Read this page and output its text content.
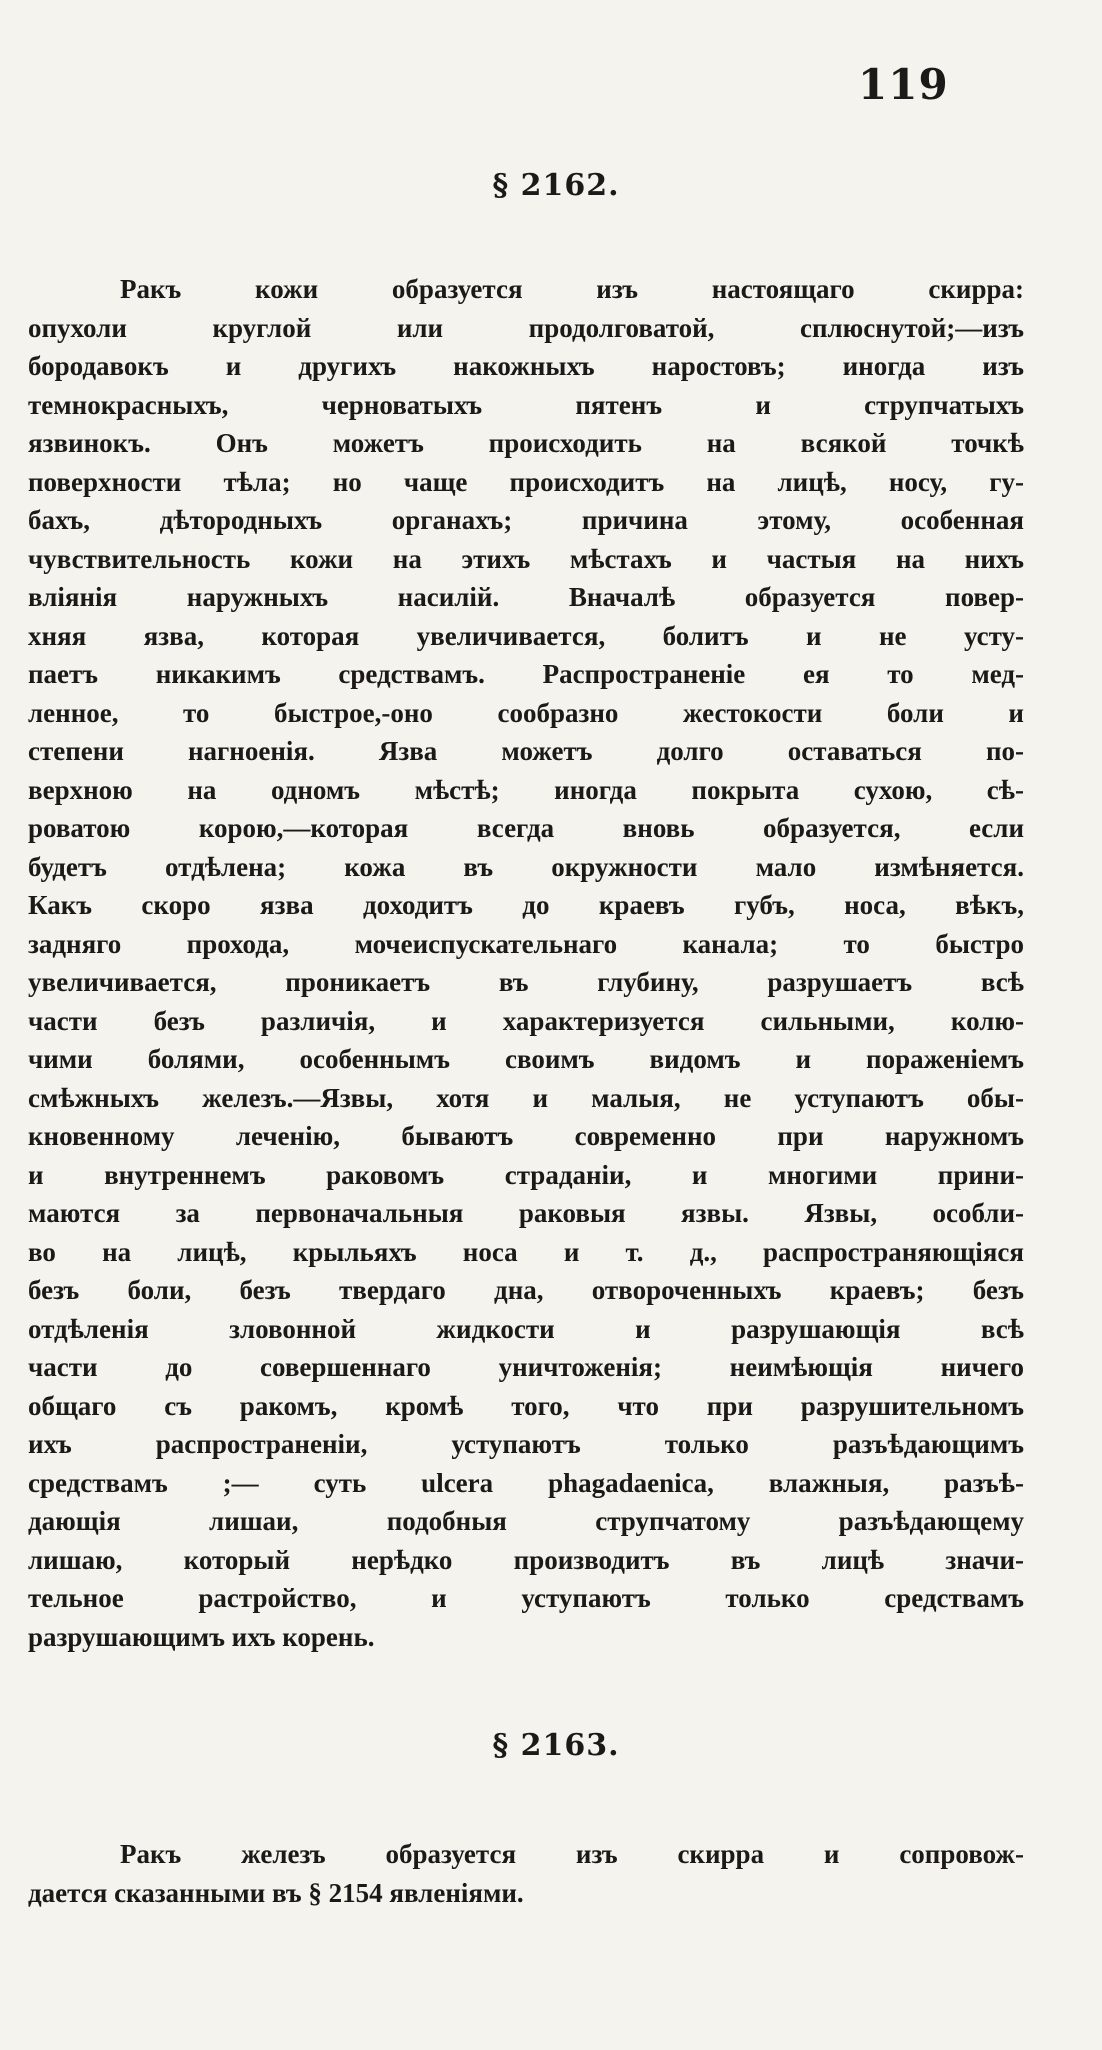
119
§ 2162.
Ракъ кожи образуется изъ настоящаго скирра:
опухоли круглой или продолговатой, сплюснутой;—изъ
бородавокъ и другихъ накожныхъ наростовъ; иногда изъ
темнокрасныхъ, черноватыхъ пятенъ и струпчатыхъ
язвинокъ. Онъ можетъ происходить на всякой точкѣ
поверхности тѣла; но чаще происходитъ на лицѣ, носу, гу-
бахъ, дѣтородныхъ органахъ; причина этому, особенная
чувствительность кожи на этихъ мѣстахъ и частыя на нихъ
вліянія наружныхъ насилій. Вначалѣ образуется повер-
хняя язва, которая увеличивается, болитъ и не усту-
паетъ никакимъ средствамъ. Распространеніе ея то мед-
ленное, то быстрое,-оно сообразно жестокости боли и
степени нагноенія. Язва можетъ долго оставаться по-
верхною на одномъ мѣстѣ; иногда покрыта сухою, сѣ-
роватою корою,—которая всегда вновь образуется, если
будетъ отдѣлена; кожа въ окружности мало измѣняется.
Какъ скоро язва доходитъ до краевъ губъ, носа, вѣкъ,
задняго прохода, мочеиспускательнаго канала; то быстро
увеличивается, проникаетъ въ глубину, разрушаетъ всѣ
части безъ различія, и характеризуется сильными, колю-
чими болями, особеннымъ своимъ видомъ и пораженіемъ
смѣжныхъ железъ.—Язвы, хотя и малыя, не уступаютъ обы-
кновенному леченію, бываютъ современно при наружномъ
и внутреннемъ раковомъ страданіи, и многими прини-
маются за первоначальныя раковыя язвы. Язвы, особли-
во на лицѣ, крыльяхъ носа и т. д., распространяющіяся
безъ боли, безъ твердаго дна, отвороченныхъ краевъ; безъ
отдѣленія зловонной жидкости и разрушающія всѣ
части до совершеннаго уничтоженія; неимѣющія ничего
общаго съ ракомъ, кромѣ того, что при разрушительномъ
ихъ распространеніи, уступаютъ только разъѣдающимъ
средствамъ ;— суть ulcera phagadaenica, влажныя, разъѣ-
дающія лишаи, подобныя струпчатому разъѣдающему
лишаю, который нерѣдко производитъ въ лицѣ значи-
тельное растройство, и уступаютъ только средствамъ
разрушающимъ ихъ корень.
§ 2163.
Ракъ железъ образуется изъ скирра и сопровож-
дается сказанными въ § 2154 явленіями.
